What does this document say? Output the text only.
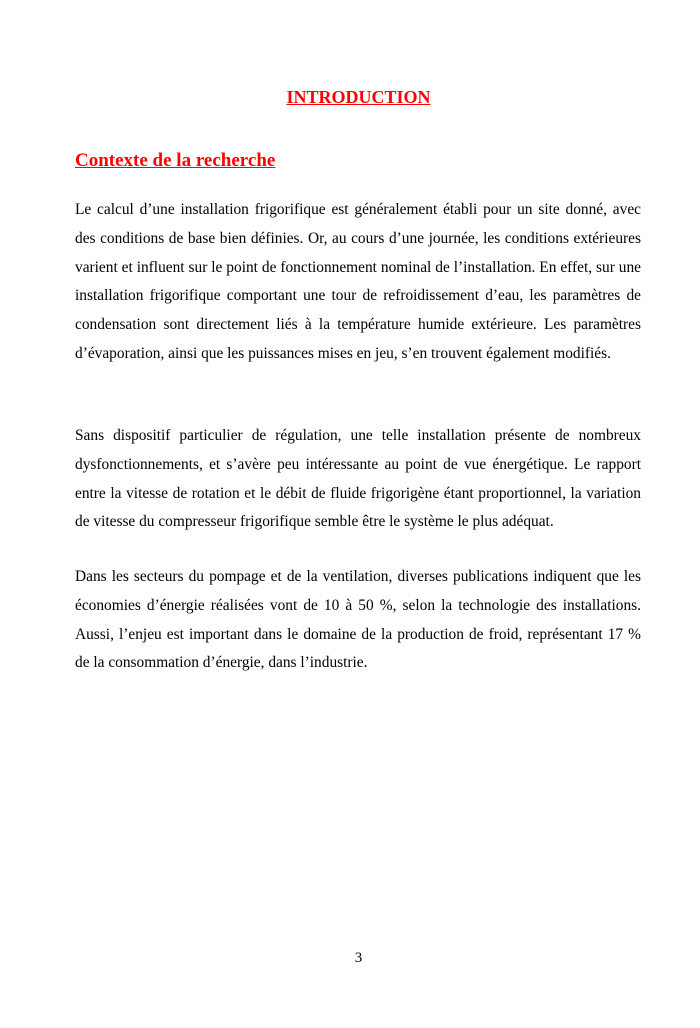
INTRODUCTION
Contexte de la recherche

Le calcul d’une installation frigorifique est généralement établi pour un site donné, avec des conditions de base bien définies. Or, au cours d’une journée, les conditions extérieures varient et influent sur le point de fonctionnement nominal de l’installation. En effet, sur une installation frigorifique comportant une tour de refroidissement d’eau, les paramètres de condensation sont directement liés à la température humide extérieure. Les paramètres d’évaporation, ainsi que les puissances mises en jeu, s’en trouvent également modifiés.

Sans dispositif particulier de régulation, une telle installation présente de nombreux dysfonctionnements, et s’avère peu intéressante au point de vue énergétique. Le rapport entre la vitesse de rotation et le débit de fluide frigorigène étant proportionnel, la variation de vitesse du compresseur frigorifique semble être le système le plus adéquat.

Dans les secteurs du pompage et de la ventilation, diverses publications indiquent que les économies d’énergie réalisées vont de 10 à 50 %, selon la technologie des installations. Aussi, l’enjeu est important dans le domaine de la production de froid, représentant 17 % de la consommation d’énergie, dans l’industrie.

3
